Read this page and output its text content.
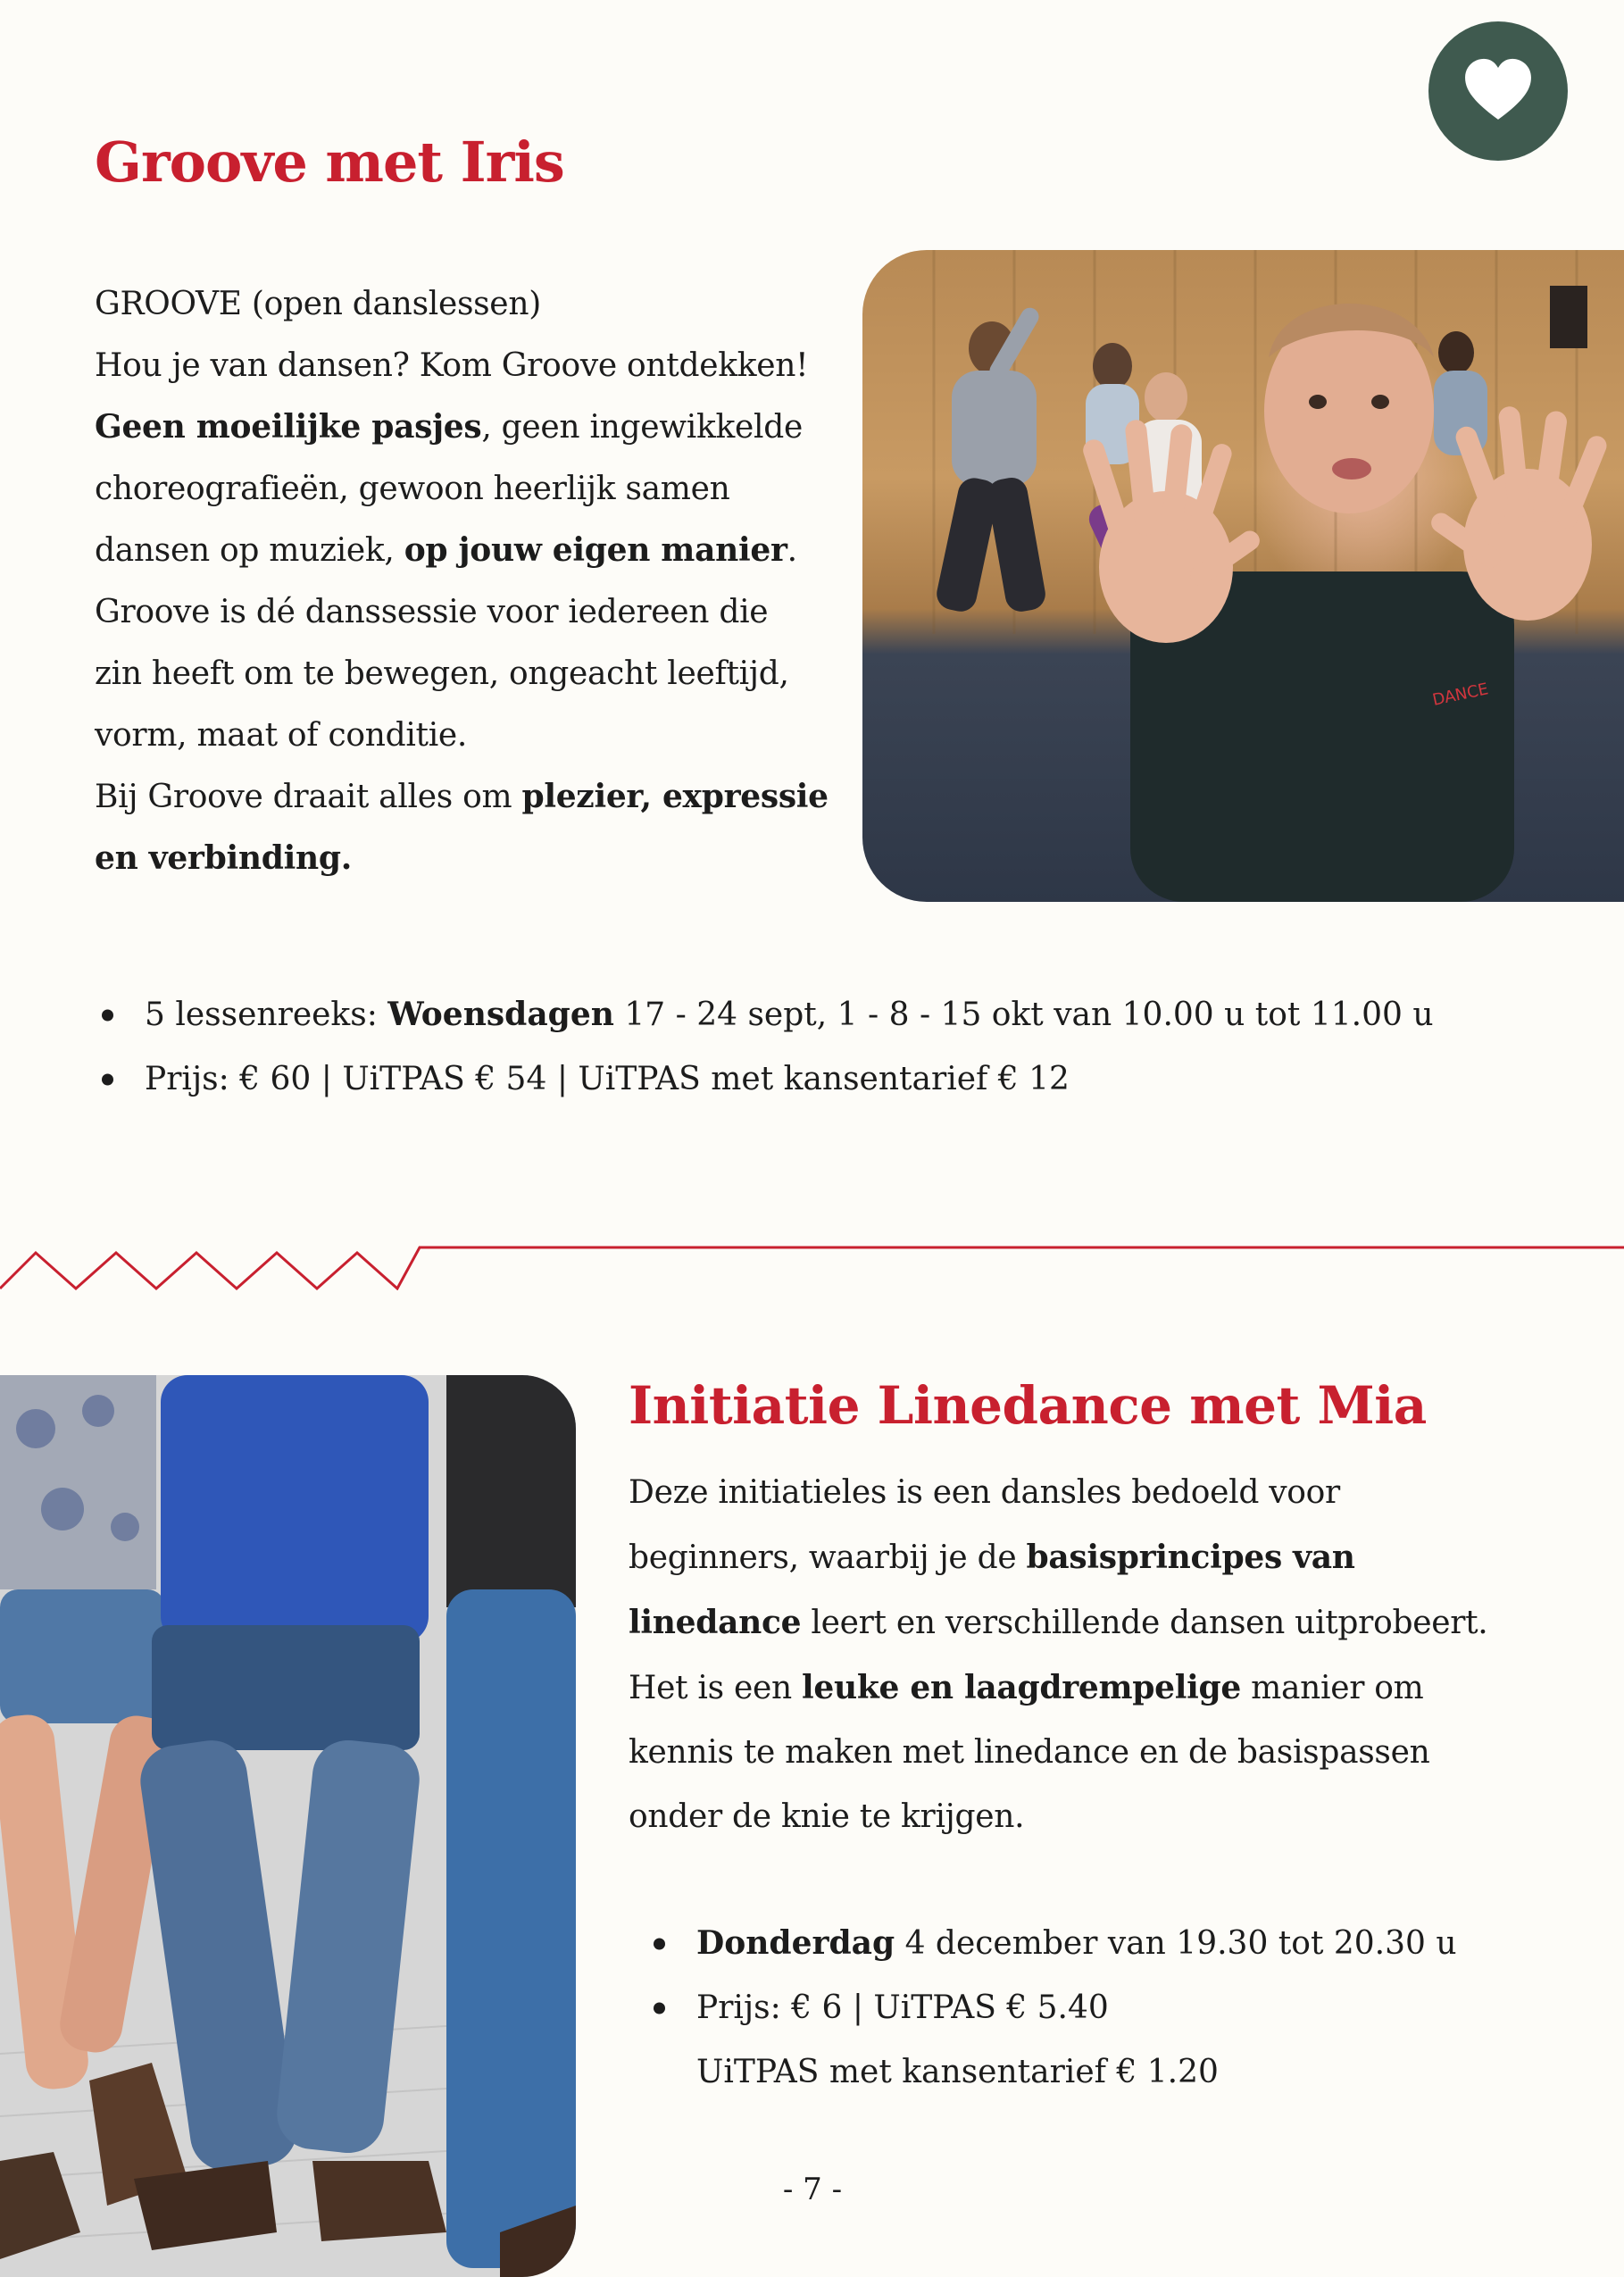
Groove met Iris
GROOVE (open danslessen)
Hou je van dansen? Kom Groove ontdekken!
Geen moeilijke pasjes, geen ingewikkelde
choreografieën, gewoon heerlijk samen
dansen op muziek, op jouw eigen manier.
Groove is dé danssessie voor iedereen die
zin heeft om te bewegen, ongeacht leeftijd,
vorm, maat of conditie.
Bij Groove draait alles om plezier, expressie
en verbinding.
DANCE
5 lessenreeks: Woensdagen 17 - 24 sept, 1 - 8 - 15 okt van 10.00 u tot 11.00 u
Prijs: € 60 | UiTPAS € 54 | UiTPAS met kansentarief € 12
Initiatie Linedance met Mia
Deze initiatieles is een dansles bedoeld voor
beginners, waarbij je de basisprincipes van
linedance leert en verschillende dansen uitprobeert.
Het is een leuke en laagdrempelige manier om
kennis te maken met linedance en de basispassen
onder de knie te krijgen.
Donderdag 4 december van 19.30 tot 20.30 u
Prijs: € 6 | UiTPAS € 5.40
UiTPAS met kansentarief € 1.20
- 7 -
